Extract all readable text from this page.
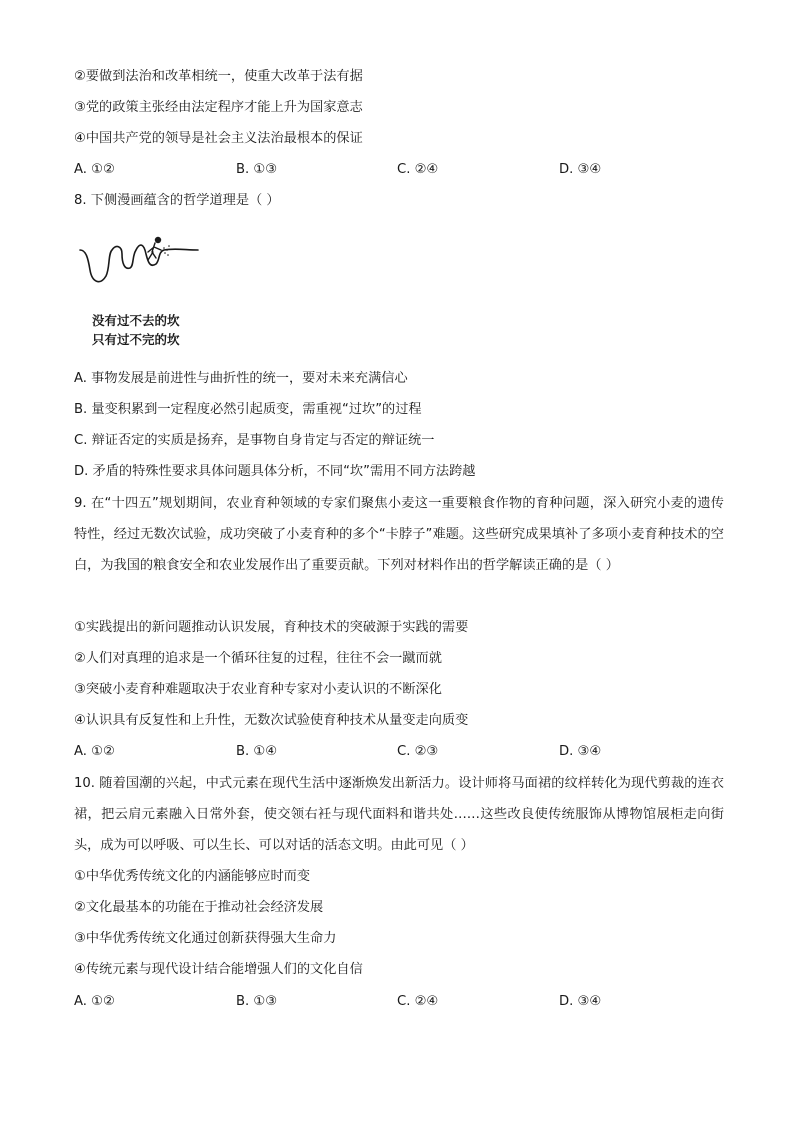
②要做到法治和改革相统一，使重大改革于法有据
③党的政策主张经由法定程序才能上升为国家意志
④中国共产党的领导是社会主义法治最根本的保证
A. ①②	B. ①③	C. ②④	D. ③④
8. 下侧漫画蕴含的哲学道理是（ ）
没有过不去的坎
只有过不完的坎
A. 事物发展是前进性与曲折性的统一，要对未来充满信心
B. 量变积累到一定程度必然引起质变，需重视“过坎”的过程
C. 辩证否定的实质是扬弃，是事物自身肯定与否定的辩证统一
D. 矛盾的特殊性要求具体问题具体分析，不同“坎”需用不同方法跨越
9. 在“十四五”规划期间，农业育种领域的专家们聚焦小麦这一重要粮食作物的育种问题，深入研究小麦的遗传特性，经过无数次试验，成功突破了小麦育种的多个“卡脖子”难题。这些研究成果填补了多项小麦育种技术的空白，为我国的粮食安全和农业发展作出了重要贡献。下列对材料作出的哲学解读正确的是（ ）
①实践提出的新问题推动认识发展，育种技术的突破源于实践的需要
②人们对真理的追求是一个循环往复的过程，往往不会一蹴而就
③突破小麦育种难题取决于农业育种专家对小麦认识的不断深化
④认识具有反复性和上升性，无数次试验使育种技术从量变走向质变
A. ①②	B. ①④	C. ②③	D. ③④
10. 随着国潮的兴起，中式元素在现代生活中逐渐焕发出新活力。设计师将马面裙的纹样转化为现代剪裁的连衣裙，把云肩元素融入日常外套，使交领右衽与现代面料和谐共处……这些改良使传统服饰从博物馆展柜走向街头，成为可以呼吸、可以生长、可以对话的活态文明。由此可见（ ）
①中华优秀传统文化的内涵能够应时而变
②文化最基本的功能在于推动社会经济发展
③中华优秀传统文化通过创新获得强大生命力
④传统元素与现代设计结合能增强人们的文化自信
A. ①②	B. ①③	C. ②④	D. ③④
